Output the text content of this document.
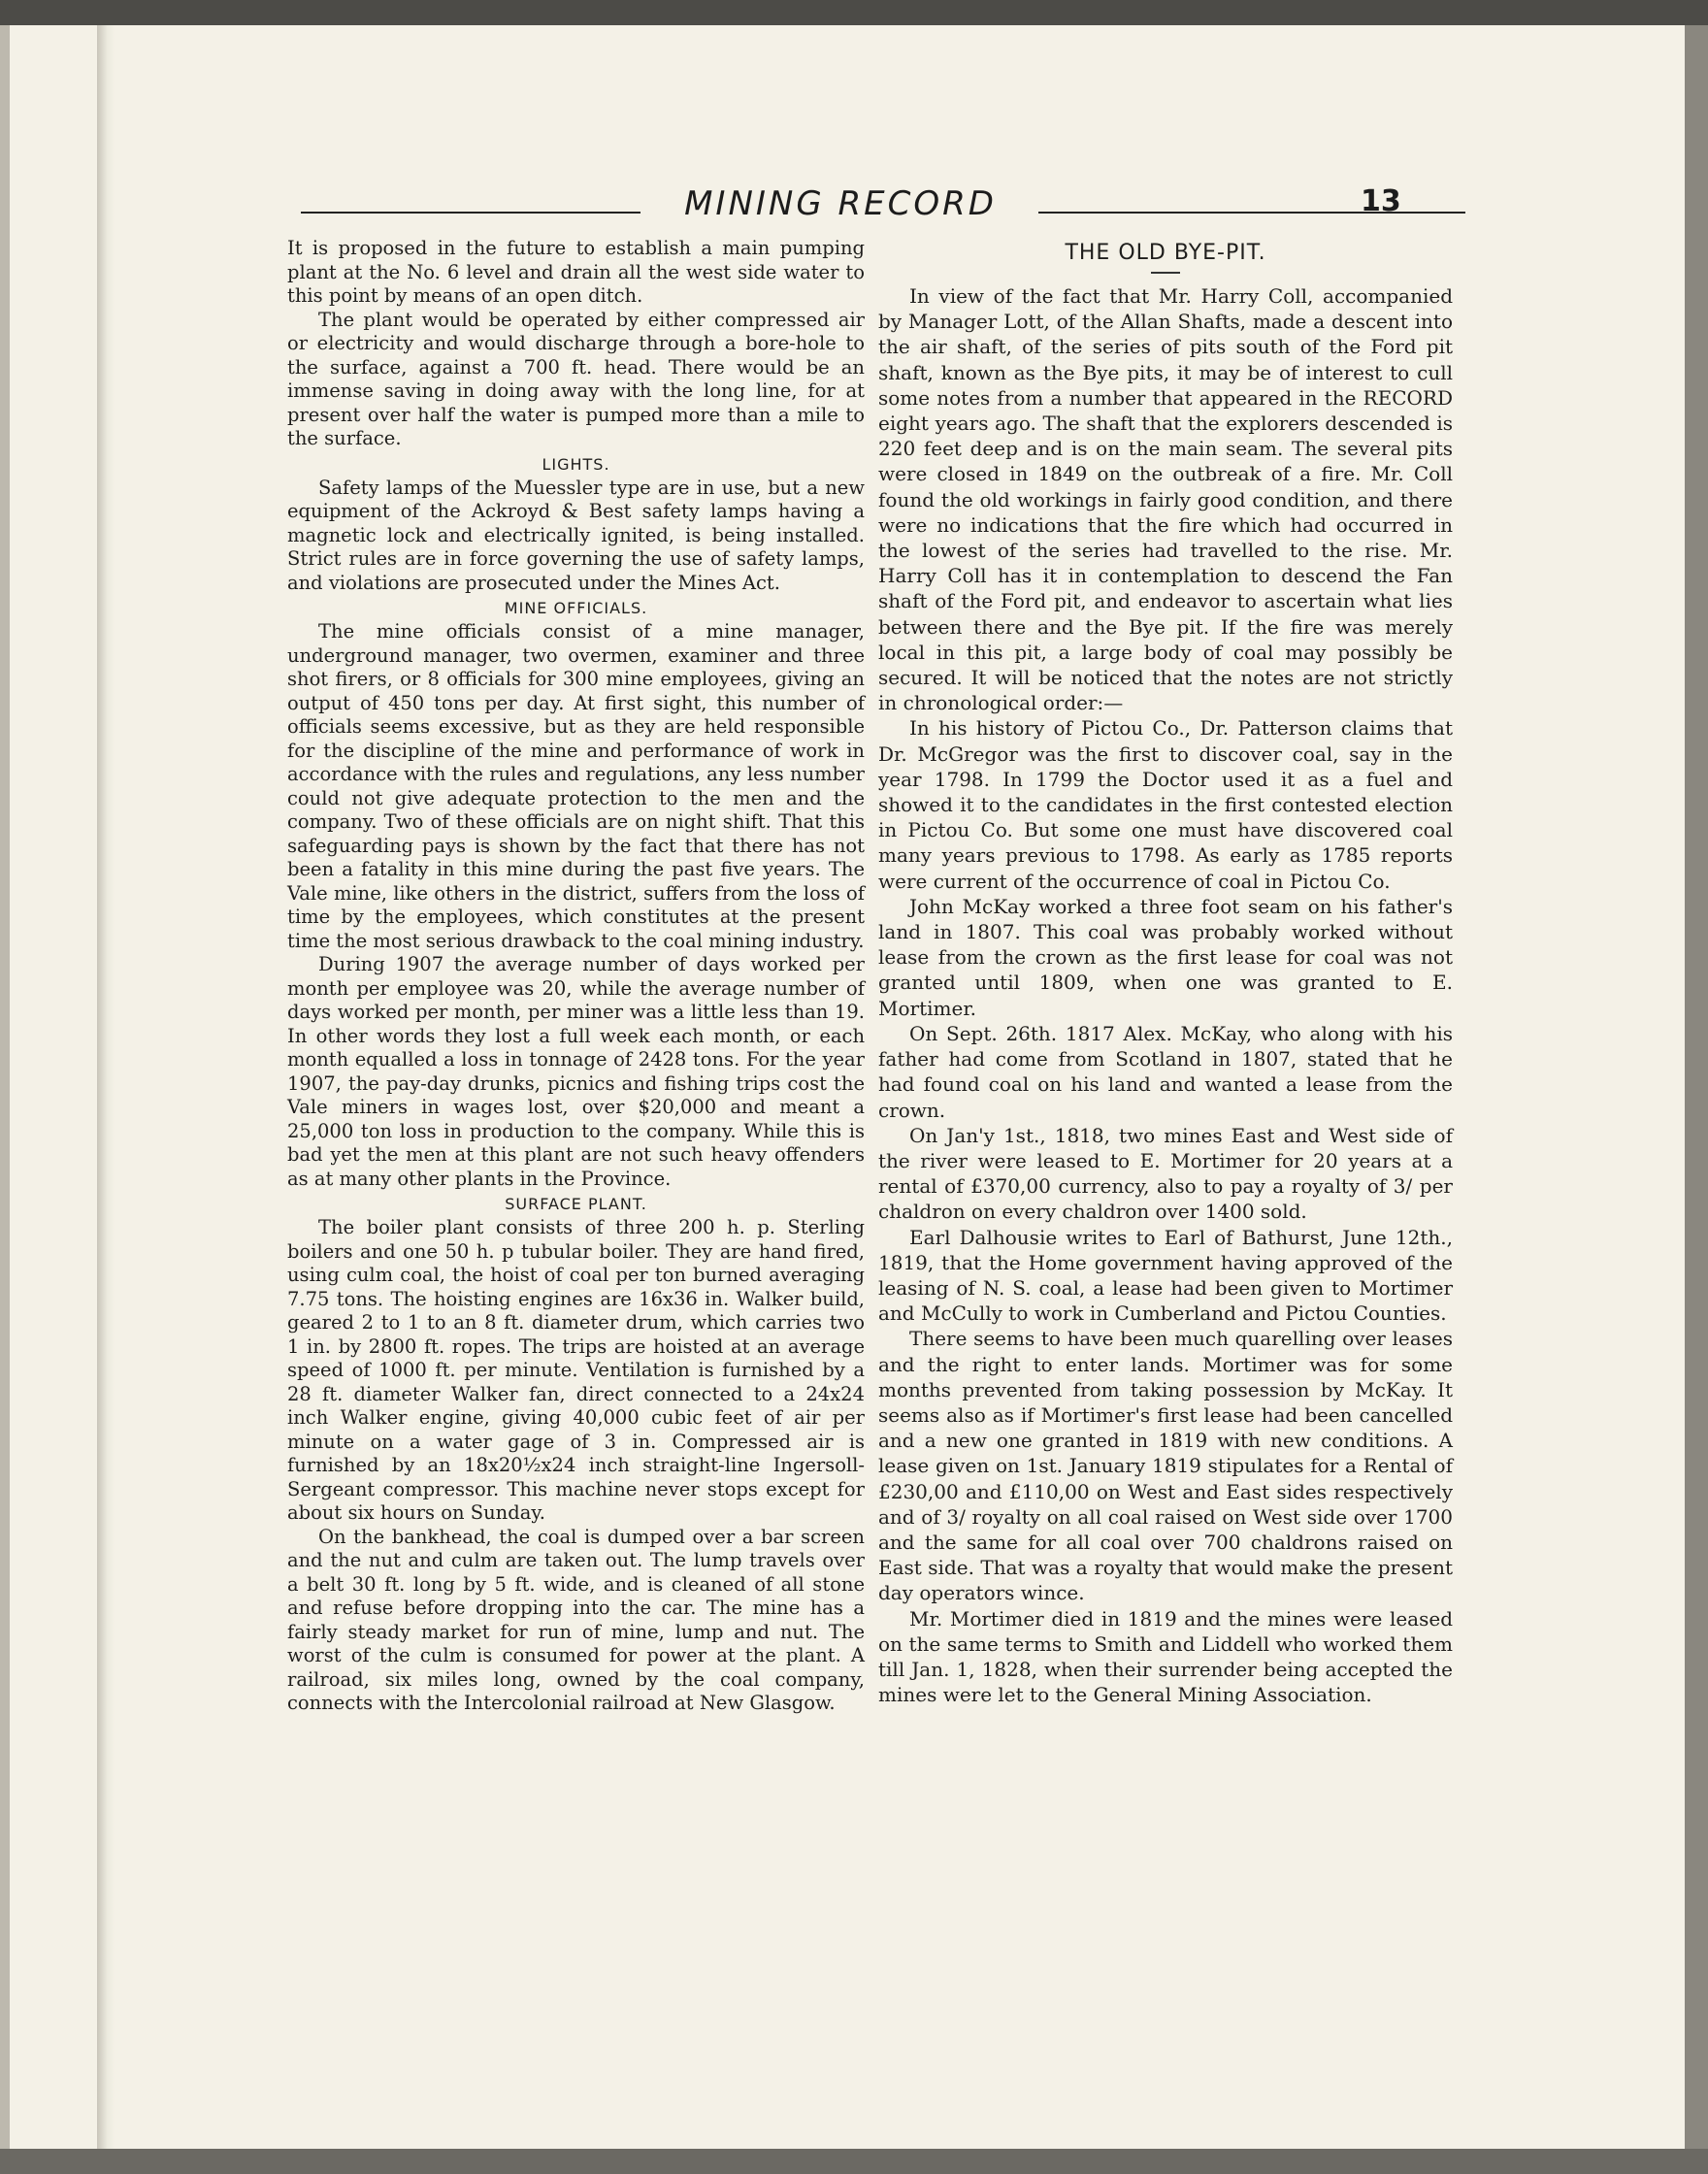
MINING RECORD	13

It is proposed in the future to establish a main pumping plant at the No. 6 level and drain all the west side water to this point by means of an open ditch.

The plant would be operated by either compressed air or electricity and would discharge through a bore-hole to the surface, against a 700 ft. head. There would be an immense saving in doing away with the long line, for at present over half the water is pumped more than a mile to the surface.

LIGHTS.

Safety lamps of the Muessler type are in use, but a new equipment of the Ackroyd & Best safety lamps having a magnetic lock and electrically ignited, is being installed. Strict rules are in force governing the use of safety lamps, and violations are prosecuted under the Mines Act.

MINE OFFICIALS.

The mine officials consist of a mine manager, underground manager, two overmen, examiner and three shot firers, or 8 officials for 300 mine employees, giving an output of 450 tons per day. At first sight, this number of officials seems excessive, but as they are held responsible for the discipline of the mine and performance of work in accordance with the rules and regulations, any less number could not give adequate protection to the men and the company. Two of these officials are on night shift. That this safeguarding pays is shown by the fact that there has not been a fatality in this mine during the past five years. The Vale mine, like others in the district, suffers from the loss of time by the employees, which constitutes at the present time the most serious drawback to the coal mining industry.

During 1907 the average number of days worked per month per employee was 20, while the average number of days worked per month, per miner was a little less than 19. In other words they lost a full week each month, or each month equalled a loss in tonnage of 2428 tons. For the year 1907, the pay-day drunks, picnics and fishing trips cost the Vale miners in wages lost, over $20,000 and meant a 25,000 ton loss in production to the company. While this is bad yet the men at this plant are not such heavy offenders as at many other plants in the Province.

SURFACE PLANT.

The boiler plant consists of three 200 h. p. Sterling boilers and one 50 h. p tubular boiler. They are hand fired, using culm coal, the hoist of coal per ton burned averaging 7.75 tons. The hoisting engines are 16x36 in. Walker build, geared 2 to 1 to an 8 ft. diameter drum, which carries two 1 in. by 2800 ft. ropes. The trips are hoisted at an average speed of 1000 ft. per minute. Ventilation is furnished by a 28 ft. diameter Walker fan, direct connected to a 24x24 inch Walker engine, giving 40,000 cubic feet of air per minute on a water gage of 3 in. Compressed air is furnished by an 18x20½x24 inch straight-line Ingersoll-Sergeant compressor. This machine never stops except for about six hours on Sunday.

On the bankhead, the coal is dumped over a bar screen and the nut and culm are taken out. The lump travels over a belt 30 ft. long by 5 ft. wide, and is cleaned of all stone and refuse before dropping into the car. The mine has a fairly steady market for run of mine, lump and nut. The worst of the culm is consumed for power at the plant. A railroad, six miles long, owned by the coal company, connects with the Intercolonial railroad at New Glasgow.

THE OLD BYE-PIT.

In view of the fact that Mr. Harry Coll, accompanied by Manager Lott, of the Allan Shafts, made a descent into the air shaft, of the series of pits south of the Ford pit shaft, known as the Bye pits, it may be of interest to cull some notes from a number that appeared in the RECORD eight years ago. The shaft that the explorers descended is 220 feet deep and is on the main seam. The several pits were closed in 1849 on the outbreak of a fire. Mr. Coll found the old workings in fairly good condition, and there were no indications that the fire which had occurred in the lowest of the series had travelled to the rise. Mr. Harry Coll has it in contemplation to descend the Fan shaft of the Ford pit, and endeavor to ascertain what lies between there and the Bye pit. If the fire was merely local in this pit, a large body of coal may possibly be secured. It will be noticed that the notes are not strictly in chronological order:—

In his history of Pictou Co., Dr. Patterson claims that Dr. McGregor was the first to discover coal, say in the year 1798. In 1799 the Doctor used it as a fuel and showed it to the candidates in the first contested election in Pictou Co. But some one must have discovered coal many years previous to 1798. As early as 1785 reports were current of the occurrence of coal in Pictou Co.

John McKay worked a three foot seam on his father's land in 1807. This coal was probably worked without lease from the crown as the first lease for coal was not granted until 1809, when one was granted to E. Mortimer.

On Sept. 26th. 1817 Alex. McKay, who along with his father had come from Scotland in 1807, stated that he had found coal on his land and wanted a lease from the crown.

On Jan'y 1st., 1818, two mines East and West side of the river were leased to E. Mortimer for 20 years at a rental of £370,00 currency, also to pay a royalty of 3/ per chaldron on every chaldron over 1400 sold.

Earl Dalhousie writes to Earl of Bathurst, June 12th., 1819, that the Home government having approved of the leasing of N. S. coal, a lease had been given to Mortimer and McCully to work in Cumberland and Pictou Counties.

There seems to have been much quarelling over leases and the right to enter lands. Mortimer was for some months prevented from taking possession by McKay. It seems also as if Mortimer's first lease had been cancelled and a new one granted in 1819 with new conditions. A lease given on 1st. January 1819 stipulates for a Rental of £230,00 and £110,00 on West and East sides respectively and of 3/ royalty on all coal raised on West side over 1700 and the same for all coal over 700 chaldrons raised on East side. That was a royalty that would make the present day operators wince.

Mr. Mortimer died in 1819 and the mines were leased on the same terms to Smith and Liddell who worked them till Jan. 1, 1828, when their surrender being accepted the mines were let to the General Mining Association.
